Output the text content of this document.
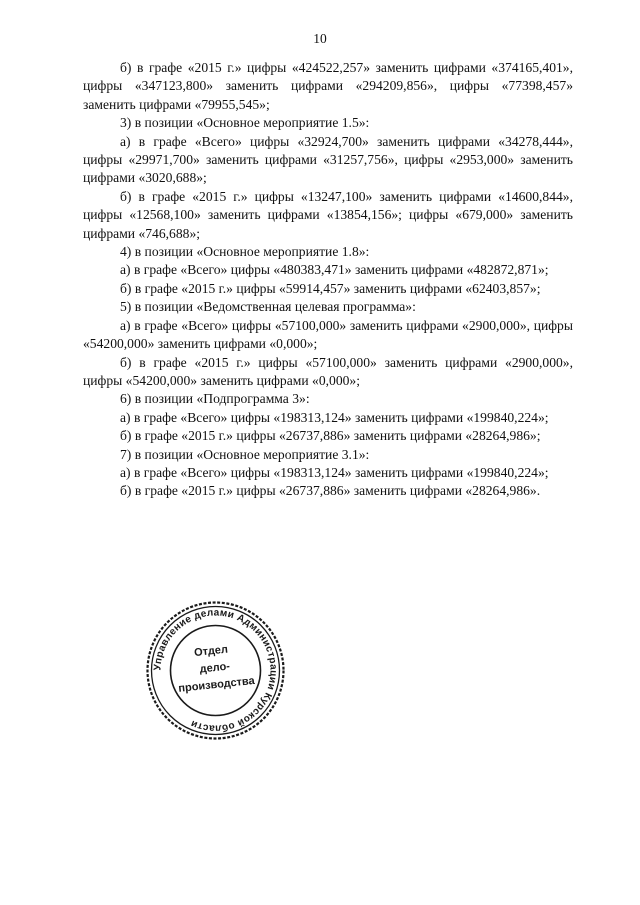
10

б) в графе «2015 г.» цифры «424522,257» заменить цифрами «374165,401», цифры «347123,800» заменить цифрами «294209,856», цифры «77398,457» заменить цифрами «79955,545»;

3) в позиции «Основное мероприятие 1.5»:

а) в графе «Всего» цифры «32924,700» заменить цифрами «34278,444», цифры «29971,700» заменить цифрами «31257,756», цифры «2953,000» заменить цифрами «3020,688»;

б) в графе «2015 г.» цифры «13247,100» заменить цифрами «14600,844», цифры «12568,100» заменить цифрами «13854,156»; цифры «679,000» заменить цифрами «746,688»;

4) в позиции «Основное мероприятие 1.8»:

а) в графе «Всего» цифры «480383,471» заменить цифрами «482872,871»;

б) в графе «2015 г.» цифры «59914,457» заменить цифрами «62403,857»;

5) в позиции «Ведомственная целевая программа»:

а) в графе «Всего» цифры «57100,000» заменить цифрами «2900,000», цифры «54200,000» заменить цифрами «0,000»;

б) в графе «2015 г.» цифры «57100,000» заменить цифрами «2900,000», цифры «54200,000» заменить цифрами «0,000»;

6) в позиции «Подпрограмма 3»:

а) в графе «Всего» цифры «198313,124» заменить цифрами «199840,224»;

б) в графе «2015 г.» цифры «26737,886» заменить цифрами «28264,986»;

7) в позиции «Основное мероприятие 3.1»:

а) в графе «Всего» цифры «198313,124» заменить цифрами «199840,224»;

б) в графе «2015 г.» цифры «26737,886» заменить цифрами «28264,986».

Управление делами Администрации Курской области
Отдел
дело-
производства
